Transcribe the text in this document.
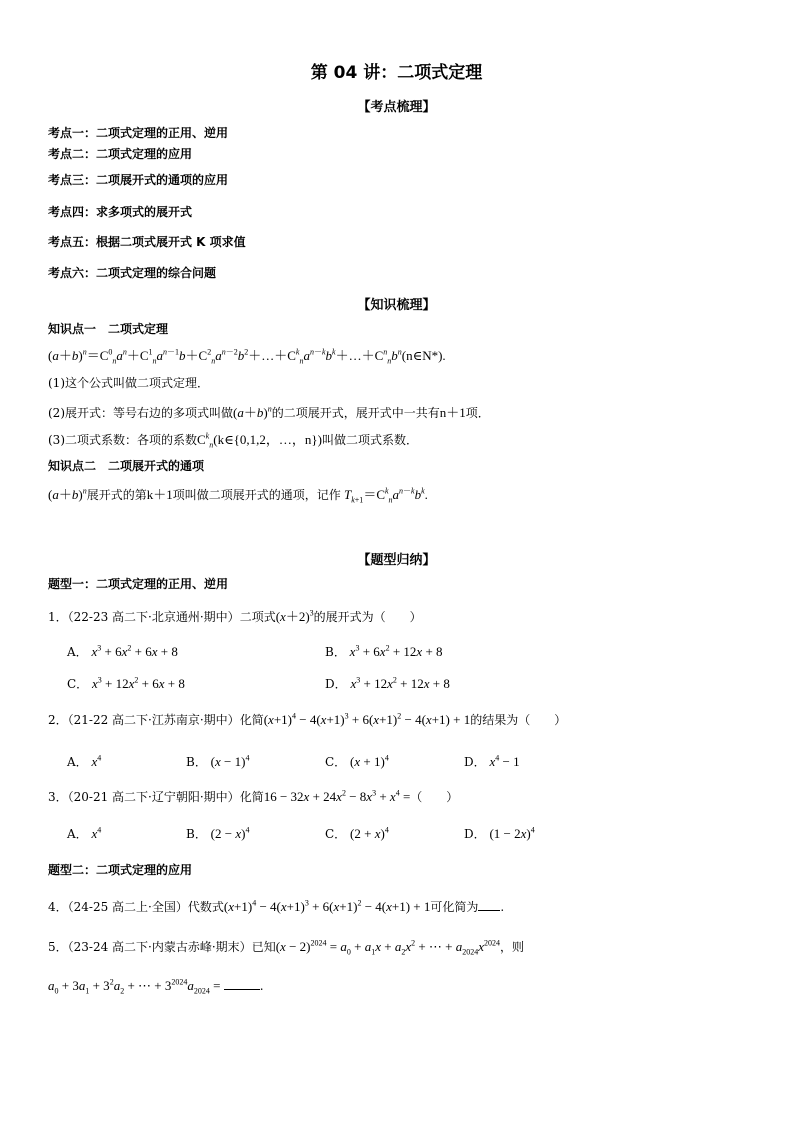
第 04 讲：二项式定理
【考点梳理】
考点一：二项式定理的正用、逆用
考点二：二项式定理的应用
考点三：二项展开式的通项的应用
考点四：求多项式的展开式
考点五：根据二项式展开式 K 项求值
考点六：二项式定理的综合问题
【知识梳理】
知识点一　二项式定理
$(a+b)^n=C^0_na^n+C^1_na^{n-1}b+C^2_na^{n-2}b^2+\dots+C^k_na^{n-k}b^k+\dots+C^n_nb^n(n\in N*)$.
(1)这个公式叫做二项式定理．
(2)展开式：等号右边的多项式叫做$(a+b)^n$的二项展开式，展开式中一共有n＋1项．
(3)二项式系数：各项的系数$C^k_n(k\in\{0,1,2$，…，n})叫做二项式系数．
知识点二　二项展开式的通项
$(a+b)^n$展开式的第k＋1项叫做二项展开式的通项，记作 $T_{k+1}=C^k_na^{n-k}b^k$.
【题型归纳】
题型一：二项式定理的正用、逆用
1．（22-23 高二下·北京通州·期中）二项式$(x+2)^3$的展开式为（　　）
A． $x^3 + 6x^2 + 6x + 8$	B． $x^3 + 6x^2 + 12x + 8$
C． $x^3 + 12x^2 + 6x + 8$	D． $x^3 + 12x^2 + 12x + 8$
2．（21-22 高二下·江苏南京·期中）化简$(x+1)^4 - 4(x+1)^3 + 6(x+1)^2 - 4(x+1) + 1$的结果为（　　）
A． $x^4$	B． $(x - 1)^4$	C． $(x + 1)^4$	D． $x^4 - 1$
3．（20-21 高二下·辽宁朝阳·期中）化简$16 - 32x + 24x^2 - 8x^3 + x^4$ =（　　）
A． $x^4$	B． $(2 - x)^4$	C． $(2 + x)^4$	D． $(1 - 2x)^4$
题型二：二项式定理的应用
4．（24-25 高二上·全国）代数式$(x+1)^4 - 4(x+1)^3 + 6(x+1)^2 - 4(x+1) + 1$可化简为 .
5．（23-24 高二下·内蒙古赤峰·期末）已知$(x - 2)^{2024} = a_0 + a_1x + a_2x^2$ + ⋯ + $a_{2024}x^{2024}$，则
$a_0 + 3a_1 + 3^2a_2$ + ⋯ + $3^{2024}a_{2024}$ =	.
